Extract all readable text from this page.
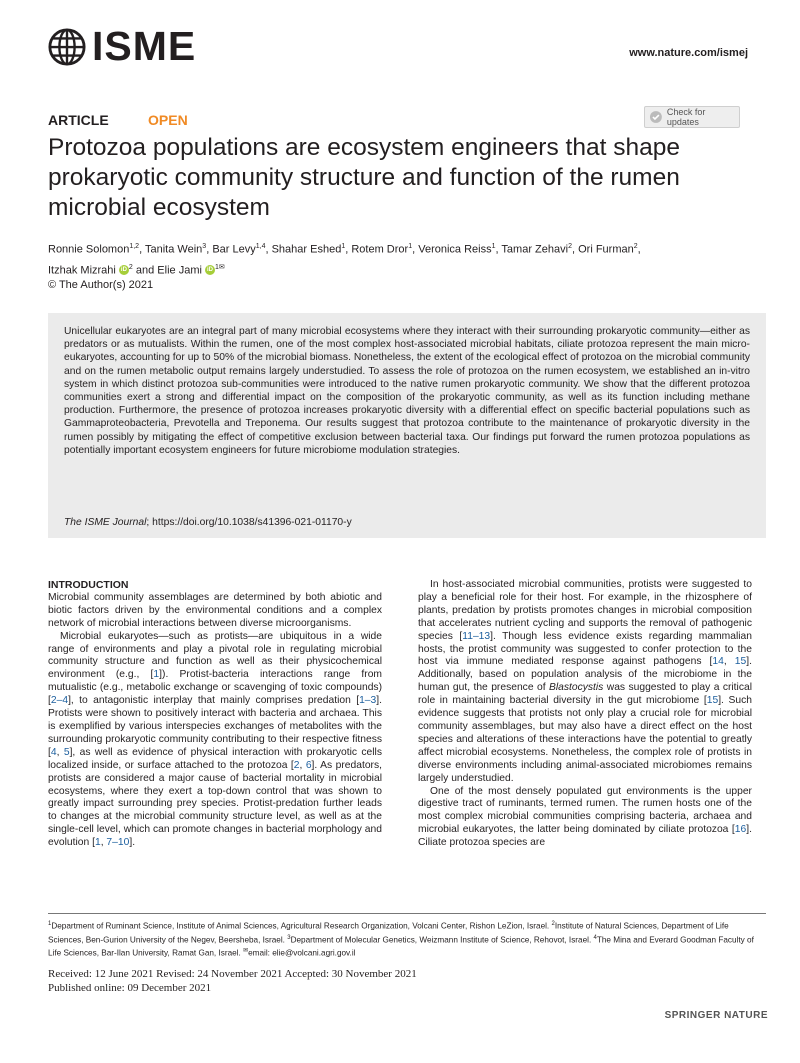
ISME	www.nature.com/ismej
ARTICLE	OPEN	Check for updates
Protozoa populations are ecosystem engineers that shape prokaryotic community structure and function of the rumen microbial ecosystem
Ronnie Solomon$^{1,2}$, Tanita Wein$^3$, Bar Levy$^{1,4}$, Shahar Eshed$^1$, Rotem Dror$^1$, Veronica Reiss$^1$, Tamar Zehavi$^2$, Ori Furman$^2$,
Itzhak Mizrahi iD $^2$ and Elie Jami iD $^{1✉}$
© The Author(s) 2021
Unicellular eukaryotes are an integral part of many microbial ecosystems where they interact with their surrounding prokaryotic community—either as predators or as mutualists. Within the rumen, one of the most complex host-associated microbial habitats, ciliate protozoa represent the main micro-eukaryotes, accounting for up to 50% of the microbial biomass. Nonetheless, the extent of the ecological effect of protozoa on the microbial community and on the rumen metabolic output remains largely understudied. To assess the role of protozoa on the rumen ecosystem, we established an in-vitro system in which distinct protozoa sub-communities were introduced to the native rumen prokaryotic community. We show that the different protozoa communities exert a strong and differential impact on the composition of the prokaryotic community, as well as its function including methane production. Furthermore, the presence of protozoa increases prokaryotic diversity with a differential effect on specific bacterial populations such as Gammaproteobacteria, Prevotella and Treponema. Our results suggest that protozoa contribute to the maintenance of prokaryotic diversity in the rumen possibly by mitigating the effect of competitive exclusion between bacterial taxa. Our findings put forward the rumen protozoa populations as potentially important ecosystem engineers for future microbiome modulation strategies.
The ISME Journal; https://doi.org/10.1038/s41396-021-01170-y
INTRODUCTION

Microbial community assemblages are determined by both abiotic and biotic factors driven by the environmental conditions and a complex network of microbial interactions between diverse microorganisms.

Microbial eukaryotes—such as protists—are ubiquitous in a wide range of environments and play a pivotal role in regulating microbial community structure and function as well as their physicochemical environment (e.g., [1]). Protist-bacteria interactions range from mutualistic (e.g., metabolic exchange or scavenging of toxic compounds) [2–4], to antagonistic interplay that mainly comprises predation [1–3]. Protists were shown to positively interact with bacteria and archaea. This is exemplified by various interspecies exchanges of metabolites with the surrounding prokaryotic community contributing to their respective fitness [4, 5], as well as evidence of physical interaction with prokaryotic cells localized inside, or surface attached to the protozoa [2, 6]. As predators, protists are considered a major cause of bacterial mortality in microbial ecosystems, where they exert a top-down control that was shown to greatly impact surrounding prey species. Protist-predation further leads to changes at the microbial community structure level, as well as at the single-cell level, which can promote changes in bacterial morphology and evolution [1, 7–10].

In host-associated microbial communities, protists were suggested to play a beneficial role for their host. For example, in the rhizosphere of plants, predation by protists promotes changes in microbial composition that accelerates nutrient cycling and supports the removal of pathogenic species [11–13]. Though less evidence exists regarding mammalian hosts, the protist community was suggested to confer protection to the host via immune mediated response against pathogens [14, 15]. Additionally, based on population analysis of the microbiome in the human gut, the presence of Blastocystis was suggested to play a critical role in maintaining bacterial diversity in the gut microbiome [15]. Such evidence suggests that protists not only play a crucial role for microbial community assemblages, but may also have a direct effect on the host species and alterations of these interactions have the potential to greatly affect microbial ecosystems. Nonetheless, the complex role of protists in diverse environments including animal-associated microbiomes remains largely understudied.

One of the most densely populated gut environments is the upper digestive tract of ruminants, termed rumen. The rumen hosts one of the most complex microbial communities comprising bacteria, archaea and microbial eukaryotes, the latter being dominated by ciliate protozoa [16]. Ciliate protozoa species are

$^1$Department of Ruminant Science, Institute of Animal Sciences, Agricultural Research Organization, Volcani Center, Rishon LeZion, Israel. $^2$Institute of Natural Sciences, Department of Life Sciences, Ben-Gurion University of the Negev, Beersheba, Israel. $^3$Department of Molecular Genetics, Weizmann Institute of Science, Rehovot, Israel. $^4$The Mina and Everard Goodman Faculty of Life Sciences, Bar-Ilan University, Ramat Gan, Israel. ✉email: elie@volcani.agri.gov.il
Received: 12 June 2021 Revised: 24 November 2021 Accepted: 30 November 2021
Published online: 09 December 2021
SPRINGER NATURE
